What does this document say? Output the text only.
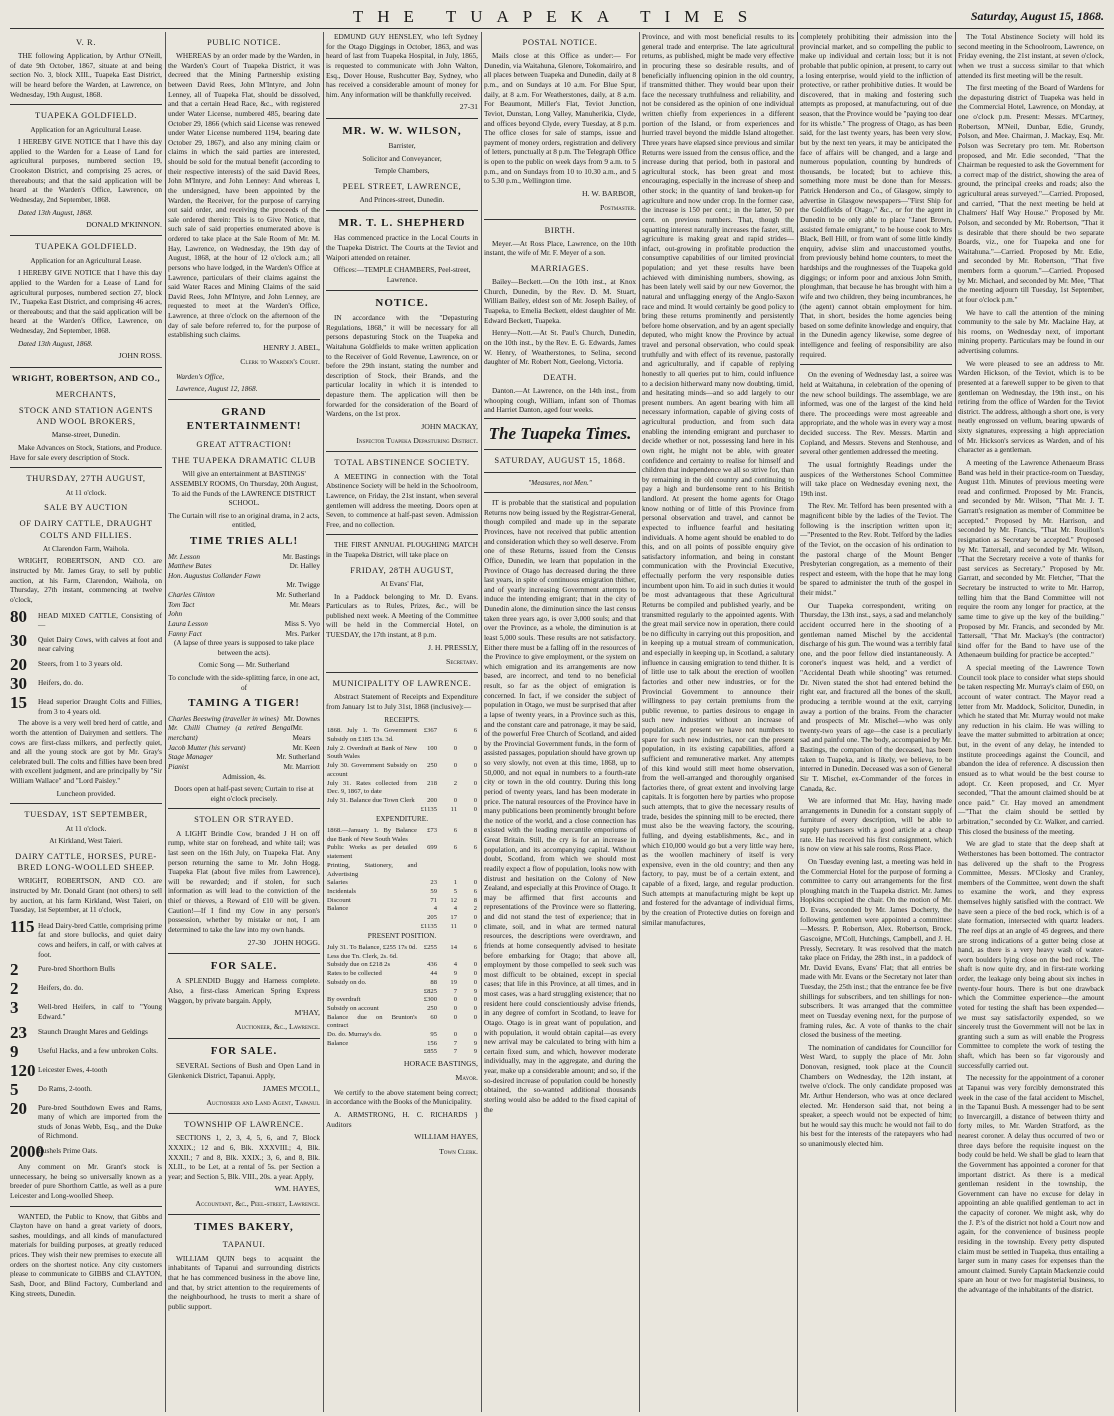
THE TUAPEKA TIMES	Saturday, August 15, 1868.
V. R.

THE following Application, by Arthur O'Neill, of date 9th October, 1867, situate at and being section No. 3, block XIII., Tuapeka East District, will be heard before the Warden, at Lawrence, on Wednesday, 19th August, 1868.

TUAPEKA GOLDFIELD.

Application for an Agricultural Lease.

I HEREBY GIVE NOTICE that I have this day applied to the Warden for a Lease of Land for agricultural purposes, numbered section 19, Crookston District, and comprising 25 acres, or thereabouts; and that the said application will be heard at the Warden's Office, Lawrence, on Wednesday, 2nd September, 1868.

Dated 13th August, 1868.

DONALD M'KINNON.
TUAPEKA GOLDFIELD.

Application for an Agricultural Lease.

I HEREBY GIVE NOTICE that I have this day applied to the Warden for a Lease of Land for agricultural purposes, numbered section 27, block IV., Tuapeka East District, and comprising 46 acres, or thereabouts; and that the said application will be heard at the Warden's Office, Lawrence, on Wednesday, 2nd September, 1868.

Dated 13th August, 1868.

JOHN ROSS.
WRIGHT, ROBERTSON, AND CO.,
MERCHANTS,
STOCK AND STATION AGENTS AND WOOL BROKERS,

Manse-street, Dunedin.

Make Advances on Stock, Stations, and Produce. Have for sale every description of Stock.

THURSDAY, 27TH AUGUST,

At 11 o'clock.

SALE BY AUCTION
OF DAIRY CATTLE, DRAUGHT COLTS AND FILLIES.

At Clarendon Farm, Waihola.

WRIGHT, ROBERTSON, AND CO. are instructed by Mr. James Gray, to sell by public auction, at his Farm, Clarendon, Waihola, on Thursday, 27th instant, commencing at twelve o'clock,

80	HEAD MIXED CATTLE, Consisting of—
30	Quiet Dairy Cows, with calves at foot and near calving
20	Steers, from 1 to 3 years old.
30	Heifers, do. do.
15	Head superior Draught Colts and Fillies, from 3 to 4 years old.

The above is a very well bred herd of cattle, and worth the attention of Dairymen and settlers. The cows are first-class milkers, and perfectly quiet, and all the young stock are got by Mr. Gray's celebrated bull. The colts and fillies have been bred with excellent judgment, and are principally by "Sir William Wallace" and "Lord Paisley."

Luncheon provided.

TUESDAY, 1ST SEPTEMBER,

At 11 o'clock.

At Kirkland, West Taieri.

DAIRY CATTLE, HORSES, PURE-BRED LONG-WOOLLED SHEEP.

WRIGHT, ROBERTSON, AND CO. are instructed by Mr. Donald Grant (not others) to sell by auction, at his farm Kirkland, West Taieri, on Tuesday, 1st September, at 11 o'clock,

115 Head Dairy-bred Cattle, comprising prime fat and store bullocks, and quiet dairy cows and heifers, in calf, or with calves at foot.
2	Pure-bred Shorthorn Bulls
2	Heifers, do. do.
3	Well-bred Heifers, in calf to "Young Edward."
23	Staunch Draught Mares and Geldings
9	Useful Hacks, and a few unbroken Colts.
120 Leicester Ewes, 4-tooth
5	Do Rams, 2-tooth.
20	Pure-bred Southdown Ewes and Rams, many of which are imported from the studs of Jonas Webb, Esq., and the Duke of Richmond.
2000
Bushels Prime Oats.

Any comment on Mr. Grant's stock is unnecessary, he being so universally known as a breeder of pure Shorthorn Cattle, as well as a pure Leicester and Long-woolled Sheep.

WANTED, the Public to Know, that Gibbs and Clayton have on hand a great variety of doors, sashes, mouldings, and all kinds of manufactured materials for building purposes, at greatly reduced prices. They wish their new premises to execute all orders on the shortest notice. Any city customers please to communicate to GIBBS and CLAYTON, Sash, Door, and Blind Factory, Cumberland and King streets, Dunedin.

PUBLIC NOTICE.

WHEREAS by an order made by the Warden, in the Warden's Court of Tuapeka District, it was decreed that the Mining Partnership existing between David Rees, John M'Intyre, and John Lenney, all of Tuapeka Flat, should be dissolved, and that a certain Head Race, &c., with registered under Water License, numbered 485, bearing date October 29, 1866 (which said License was renewed under Water License numbered 1194, bearing date October 29, 1867), and also any mining claim or claims in which the said parties are interested, should be sold for the mutual benefit (according to their respective interests) of the said David Rees, John M'Intyre, and John Lenney: And whereas I, the undersigned, have been appointed by the Warden, the Receiver, for the purpose of carrying out said order, and receiving the proceeds of the sale ordered therein: This is to Give Notice, that such sale of said properties enumerated above is ordered to take place at the Sale Room of Mr. M. Hay, Lawrence, on Wednesday, the 19th day of August, 1868, at the hour of 12 o'clock a.m.; all persons who have lodged, in the Warden's Office at Lawrence, particulars of their claims against the said Water Races and Mining Claims of the said David Rees, John M'Intyre, and John Lenney, are requested to meet at the Warden's Office, Lawrence, at three o'clock on the afternoon of the day of sale before referred to, for the purpose of establishing such claims.

HENRY J. ABEL,
Clerk to Warden's Court.

Warden's Office,

Lawrence, August 12, 1868.

GRAND ENTERTAINMENT!
GREAT ATTRACTION!
THE TUAPEKA DRAMATIC CLUB

Will give an entertainment at BASTINGS' ASSEMBLY ROOMS, On Thursday, 20th August, To aid the Funds of the LAWRENCE DISTRICT SCHOOL.

The Curtain will rise to an original drama, in 2 acts, entitled,

TIME TRIES ALL!
Mr. Lesson	Mr. Bastings
Matthew Bates	Dr. Halley
Hon. Augustus Collander Fawn
Mr. Twigge
Charles Clinton	Mr. Sutherland
Tom Tact	Mr. Mears
John
Laura Lesson	Miss S. Vyo
Fanny Fact	Mrs. Parker

(A lapse of three years is supposed to take place between the acts).

Comic Song — Mr. Sutherland

To conclude with the side-splitting farce, in one act, of

TAMING A TIGER!
Charles Beeswing (traveller in wines) Mr. Downes
Mr. Chilli Chutney (a retired Bengal merchant)
Mr. Mears
Jacob Mutter (his servant)	Mr. Keen
Stage Manager	Mr. Sutherland
Pianist	Mr. Marriott

Admission, 4s.

Doors open at half-past seven; Curtain to rise at eight o'clock precisely.

STOLEN OR STRAYED.

A LIGHT Brindle Cow, branded J H on off rump, white star on forehead, and white tail; was last seen on the 16th July, on Tuapeka Flat. Any person returning the same to Mr. John Hogg, Tuapeka Flat (about five miles from Lawrence), will be rewarded; and if stolen, for such information as will lead to the conviction of the thief or thieves, a Reward of £10 will be given. Caution!—If I find my Cow in any person's possession, whether by mistake or not, I am determined to take the law into my own hands.

27-30 JOHN HOGG.
FOR SALE.

A SPLENDID Buggy and Harness complete. Also, a first-class American Spring Express Waggon, by private bargain. Apply,

M'HAY,
Auctioneer, &c., Lawrence.
FOR SALE.

SEVERAL Sections of Bush and Open Land in Glenkenick District, Tapanui. Apply,

JAMES M'COLL,
Auctioneer and Land Agent, Tapanui.
TOWNSHIP OF LAWRENCE.

SECTIONS 1, 2, 3, 4, 5, 6, and 7, Block XXXIX.; 12 and 6, Blk. XXXVIII.; 4, Blk. XXXII.; 7 and 8, Blk. XXIX.; 3, 6, and 8, Blk. XLII., to be Let, at a rental of 5s. per Section a year; and Section 5, Blk. VIII., 20s. a year. Apply,

WM. HAYES,
Accountant, &c., Peel-street, Lawrence.
TIMES BAKERY,
TAPANUI.

WILLIAM QUIN begs to acquaint the inhabitants of Tapanui and surrounding districts that he has commenced business in the above line, and that, by strict attention to the requirements of the neighbourhood, he trusts to merit a share of public support.

EDMUND GUY HENSLEY, who left Sydney for the Otago Diggings in October, 1863, and was heard of last from Tuapeka Hospital, in July, 1865, is requested to communicate with John Walton, Esq., Dover House, Rushcutter Bay, Sydney, who has received a considerable amount of money for him. Any information will be thankfully received.

27-31
MR. W. W. WILSON,

Barrister,

Solicitor and Conveyancer,

Temple Chambers,

PEEL STREET, LAWRENCE,

And Princes-street, Dunedin.

MR. T. L. SHEPHERD

Has commenced practice in the Local Courts in the Tuapeka District. The Courts at the Teviot and Waipori attended on retainer.

Offices:—TEMPLE CHAMBERS, Peel-street, Lawrence.

NOTICE.

IN accordance with the "Depasturing Regulations, 1868," it will be necessary for all persons depasturing Stock on the Tuapeka and Waitahuna Goldfields to make written application to the Receiver of Gold Revenue, Lawrence, on or before the 29th instant, stating the number and description of Stock, their Brands, and the particular locality in which it is intended to depasture them. The application will then be forwarded for the consideration of the Board of Wardens, on the 1st prox.

JOHN MACKAY,
Inspector Tuapeka Depasturing District.
TOTAL ABSTINENCE SOCIETY.

A MEETING in connection with the Total Abstinence Society will be held in the Schoolroom, Lawrence, on Friday, the 21st instant, when several gentlemen will address the meeting. Doors open at Seven, to commence at half-past seven. Admission Free, and no collection.

THE FIRST ANNUAL PLOUGHING MATCH in the Tuapeka District, will take place on

FRIDAY, 28TH AUGUST,

At Evans' Flat,

In a Paddock belonging to Mr. D. Evans. Particulars as to Rules, Prizes, &c., will be published next week. A Meeting of the Committee will be held in the Commercial Hotel, on TUESDAY, the 17th instant, at 8 p.m.

J. H. PRESSLY,
Secretary.
MUNICIPALITY OF LAWRENCE.

Abstract Statement of Receipts and Expenditure from January 1st to July 31st, 1868 (inclusive):—

RECEIPTS.

1868. July 1. To Government Subsidy on £185 13s. 3d.	£367	6	6
July 2. Overdraft at Bank of New South Wales	100	0	0
July 30. Government Subsidy on account	250	0	0
July 31. Rates collected from Dec. 9, 1867, to date	218	2	0
July 31. Balance due Town Clerk	200	0	0
	£1135	11	0

EXPENDITURE.

1868.—January 1. By Balance due Bank of New South Wales	£73	6	8
Public Works as per detailed statement	699	6	6
Printing, Stationery, and Advertising			
Salaries	23	1	0
Incidentals	59	5	6
Discount	71	12	8
Balance	4	4	2
	205	17	0
	£1135	11	0

PRESENT POSITION.

July 31. To Balance, £255 17s 0d. Less due Tn. Clerk, 2s. 6d.	£255	14	6
Subsidy due on £218 2s	436	4	0
Rates to be collected	44	9	0
Subsidy on do.	88	19	0
	£825	7	9
By overdraft	£300	0	0
Subsidy on account	250	0	0
Balance due on Brunton's contract	60	0	0
Do. do. Murray's do.	95	0	0
Balance	156	7	9
	£855	7	9
HORACE BASTINGS,
Mayor.

We certify to the above statement being correct; in accordance with the Books of the Municipality.

A. ARMSTRONG, H. C. RICHARDS } Auditors

WILLIAM HAYES,
Town Clerk.
POSTAL NOTICE.

Mails close at this Office as under:— For Dunedin, via Waitahuna, Glenore, Tokomairiro, and all places between Tuapeka and Dunedin, daily at 8 p.m., and on Sundays at 10 a.m. For Blue Spur, daily, at 8 a.m. For Weatherstones, daily, at 8 a.m. For Beaumont, Miller's Flat, Teviot Junction, Teviot, Dunstan, Long Valley, Manuherikia, Clyde, and offices beyond Clyde, every Tuesday, at 8 p.m. The office closes for sale of stamps, issue and payment of money orders, registration and delivery of letters, punctually at 8 p.m. The Telegraph Office is open to the public on week days from 9 a.m. to 5 p.m., and on Sundays from 10 to 10.30 a.m., and 5 to 5.30 p.m., Wellington time.

H. W. BARBOR,
Postmaster.
BIRTH.

Meyer.—At Ross Place, Lawrence, on the 10th instant, the wife of Mr. F. Meyer of a son.

MARRIAGES.

Bailey—Beckett.—On the 10th inst., at Knox Church, Dunedin, by the Rev. D. M. Stuart, William Bailey, eldest son of Mr. Joseph Bailey, of Tuapeka, to Emelia Beckett, eldest daughter of Mr. Edward Beckett, Tuapeka.

Henry—Nott.—At St. Paul's Church, Dunedin, on the 10th inst., by the Rev. E. G. Edwards, James W. Henry, of Weatherstones, to Selina, second daughter of Mr. Robert Nott, Geelong, Victoria.

DEATH.

Danton.—At Lawrence, on the 14th inst., from whooping cough, William, infant son of Thomas and Harriet Danton, aged four weeks.

The Tuapeka Times.
SATURDAY, AUGUST 15, 1868.

"Measures, not Men."

IT is probable that the statistical and population Returns now being issued by the Registrar-General, though compiled and made up in the separate Provinces, have not received that public attention and consideration which they so well deserve. From one of these Returns, issued from the Census Office, Dunedin, we learn that population in the Province of Otago has decreased during the three last years, in spite of continuous emigration thither, and of yearly increasing Government attempts to induce the intending emigrant; that in the city of Dunedin alone, the diminution since the last census taken three years ago, is over 3,000 souls; and that over the Province, as a whole, the diminution is at least 5,000 souls. These results are not satisfactory. Either there must be a falling off in the resources of the Province to give employment, or the system on which emigration and its arrangements are now based, are incorrect, and tend to no beneficial result, so far as the object of emigration is concerned. In fact, if we consider the subject of population in Otago, we must be surprised that after a lapse of twenty years, in a Province such as this, and the constant care and patronage, it may be said, of the powerful Free Church of Scotland, and aided by the Provincial Government funds, in the form of assisted passages, population should have grown up so very slowly, not even at this time, 1868, up to 50,000, and not equal in numbers to a fourth-rate city or town in the old country. During this long period of twenty years, land has been moderate in price. The natural resources of the Province have in many publications been prominently brought before the notice of the world, and a close connection has existed with the leading mercantile emporiums of Great Britain. Still, the cry is for an increase in population, and its accompanying capital. Without doubt, Scotland, from which we should most readily expect a flow of population, looks now with distrust and hesitation on the Colony of New Zealand, and especially at this Province of Otago. It may be affirmed that first accounts and representations of the Province were so flattering, and did not stand the test of experience; that in climate, soil, and in what are termed natural resources, the descriptions were overdrawn, and friends at home consequently advised to hesitate before embarking for Otago; that above all, employment by those compelled to seek such was most difficult to be obtained, except in special cases; that life in this Province, at all times, and in most cases, was a hard struggling existence; that no resident here could conscientiously advise friends, in any degree of comfort in Scotland, to leave for Otago. Otago is in great want of population, and with population, it would obtain capital—as every new arrival may be calculated to bring with him a certain fixed sum, and which, however moderate individually, may in the aggregate, and during the year, make up a considerable amount; and so, if the so-desired increase of population could be honestly obtained, the so-wanted additional thousands sterling would also be added to the fixed capital of the

Province, and with most beneficial results to its general trade and enterprise. The late agricultural returns, as published, might be made very effective in procuring these so desirable results, and of beneficially influencing opinion in the old country, if transmitted thither. They would bear upon their face the necessary truthfulness and reliability, and not be considered as the opinion of one individual written chiefly from experiences in a different portion of the Island, or from experiences and hurried travel beyond the middle Island altogether. Three years have elapsed since previous and similar Returns were issued from the census office, and the increase during that period, both in pastoral and agricultural stock, has been great and most encouraging, especially in the increase of sheep and other stock; in the quantity of land broken-up for agriculture and now under crop. In the former case, the increase is 150 per cent.; in the latter, 50 per cent. on previous numbers. That, though the squatting interest naturally increases the faster, still, agriculture is making great and rapid strides—infact, out-growing in profitable production the consumptive capabilities of our limited provincial population; and yet these results have been achieved with diminishing numbers, showing, as has been lately well said by our new Governor, the natural and unflagging energy of the Anglo-Saxon race and mind. It would certainly be good policy to bring these returns prominently and persistently before home observation, and by an agent specially deputed, who might know the Province by actual travel and personal observation, who could speak truthfully and with effect of its revenue, pastorally and agriculturally, and if capable of replying honestly to all queries put to him, could influence to a decision hitherward many now doubting, timid, and hesitating minds—and so add largely to our present numbers. An agent bearing with him all necessary information, capable of giving costs of agricultural production, and from such data enabling the intending emigrant and purchaser to decide whether or not, possessing land here in his own right, he might not be able, with greater confidence and certainty to realise for himself and children that independence we all so strive for, than by remaining in the old country and continuing to pay a high and burdensome rent to his British landlord. At present the home agents for Otago know nothing or of little of this Province from personal observation and travel, and cannot be expected to influence fearful and hesitating individuals. A home agent should be enabled to do this, and on all points of possible enquiry give satisfactory information, and being in constant communication with the Provincial Executive, effectually perform the very responsible duties incumbent upon him. To aid in such duties it would be most advantageous that these Agricultural Returns be compiled and published yearly, and be transmitted regularly to the appointed agents. With the great mail service now in operation, there could be no difficulty in carrying out this proposition, and in keeping up a mutual stream of communication, and especially in keeping up, in Scotland, a salutary influence in causing emigration to tend thither. It is of little use to talk about the erection of woollen factories and other new industries, or for the Provincial Government to announce their willingness to pay certain premiums from the public revenue, to parties desirous to engage in such new industries without an increase of population. At present we have not numbers to spare for such new industries, nor can the present population, in its existing capabilities, afford a sufficient and remunerative market. Any attempts of this kind would still meet home observation, from the well-arranged and thoroughly organised factories there, of great extent and involving large capitals. It is forgotten here by parties who propose such attempts, that to give the necessary results of trade, besides the spinning mill to be erected, there must also be the weaving factory, the scouring, fulling, and dyeing establishments, &c., and in which £10,000 would go but a very little way here, as the woollen machinery of itself is very expensive, even in the old country; and then any factory, to pay, must be of a certain extent, and capable of a fixed, large, and regular production. Such attempts at manufacturing might be kept up and fostered for the advantage of individual firms, by the creation of Protective duties on foreign and similar manufactures,

completely prohibiting their admission into the provincial market, and so compelling the public to make up individual and certain loss; but it is not probable that public opinion, at present, to carry out a losing enterprise, would yield to the infliction of protective, or rather prohibitive duties. It would be discovered, that in making and fostering such attempts as proposed, at manufacturing, out of due season, that the Province would be "paying too dear for its whistle." The progress of Otago, as has been said, for the last twenty years, has been very slow, but by the next ten years, it may be anticipated the face of affairs will be changed, and a large and numerous population, counting by hundreds of thousands, be located; but to achieve this, something more must be done than for Messrs. Patrick Henderson and Co., of Glasgow, simply to advertise in Glasgow newspapers—"First Ship for the Goldfields of Otago," &c., or for the agent in Dunedin to be only able to place "Janet Brown, assisted female emigrant," to be house cook to Mrs Black, Bell Hill, or from want of some little kindly enquiry, advise slim and unaccustomed youths, from previously behind home counters, to meet the hardships and the roughnesses of the Tuapeka gold diggings; or inform poor and anxious John Smith, ploughman, that because he has brought with him a wife and two children, they being incumbrances, he (the agent) cannot obtain employment for him. That, in short, besides the home agencies being based on some definite knowledge and enquiry, that in the Dunedin agency likewise, some degree of intelligence and feeling of responsibility are also required.

On the evening of Wednesday last, a soiree was held at Waitahuna, in celebration of the opening of the new school buildings. The assemblage, we are informed, was one of the largest of the kind held there. The proceedings were most agreeable and appropriate, and the whole was in every way a most decided success. The Rev. Messrs. Martin and Copland, and Messrs. Stevens and Stenhouse, and several other gentlemen addressed the meeting.

The usual fortnightly Readings under the auspices of the Wetherstones School Committee will take place on Wednesday evening next, the 19th inst.

The Rev. Mr. Telford has been presented with a magnificent bible by the ladies of the Teviot. The following is the inscription written upon it;—"Presented to the Rev. Robt. Telford by the ladies of the Teviot, on the occasion of his ordination to the pastoral charge of the Mount Benger Presbyterian congregation, as a memento of their respect and esteem, with the hope that he may long be spared to administer the truth of the gospel in their midst."

Our Tuapeka correspondent, writing on Thursday, the 13th inst., says, a sad and melancholy accident occurred here in the shooting of a gentleman named Mischel by the accidental discharge of his gun. The wound was a terribly fatal one, and the poor fellow died instantaneously. A coroner's inquest was held, and a verdict of "Accidental Death while shooting" was returned. Dr. Niven stated the shot had entered behind the right ear, and fractured all the bones of the skull, producing a terrible wound at the exit, carrying away a portion of the brains. From the character and prospects of Mr. Mischel—who was only twenty-two years of age—the case is a peculiarly sad and painful one. The body, accompanied by Mr. Bastings, the companion of the deceased, has been taken to Tuapeka, and is likely, we believe, to be interred in Dunedin. Deceased was a son of General Sir T. Mischel, ex-Commander of the forces in Canada, &c.

We are informed that Mr. Hay, having made arrangements in Dunedin for a constant supply of furniture of every description, will be able to supply purchasers with a good article at a cheap rate. He has received his first consignment, which is now on view at his sale rooms, Ross Place.

On Tuesday evening last, a meeting was held in the Commercial Hotel for the purpose of forming a committee to carry out arrangements for the first ploughing match in the Tuapeka district. Mr. James Hopkins occupied the chair. On the motion of Mr. D. Evans, seconded by Mr. James Docherty, the following gentlemen were appointed a committee:—Messrs. P. Robertson, Alex. Robertson, Brock, Gascoigne, M'Coll, Hutchings, Campbell, and J. H. Pressly, Secretary. It was resolved that the match take place on Friday, the 28th inst., in a paddock of Mr. David Evans, Evans' Flat; that all entries be made with Mr. Evans or the Secretary not later than Tuesday, the 25th inst.; that the entrance fee be five shillings for subscribers, and ten shillings for non-subscribers. It was arranged that the committee meet on Tuesday evening next, for the purpose of framing rules, &c. A vote of thanks to the chair closed the business of the meeting.

The nomination of candidates for Councillor for West Ward, to supply the place of Mr. John Donovan, resigned, took place at the Council Chambers on Wednesday, the 12th instant, at twelve o'clock. The only candidate proposed was Mr. Arthur Henderson, who was at once declared elected. Mr. Henderson said that, not being a speaker, a speech would not be expected of him; but he would say this much: he would not fail to do his best for the interests of the ratepayers who had so unanimously elected him.

The Total Abstinence Society will hold its second meeting in the Schoolroom, Lawrence, on Friday evening, the 21st instant, at seven o'clock, when we trust a success similar to that which attended its first meeting will be the result.

The first meeting of the Board of Wardens for the depasturing district of Tuapeka was held in the Commercial Hotel, Lawrence, on Monday, at one o'clock p.m. Present: Messrs. M'Cartney, Robertson, M'Neil, Dunbar, Edie, Grundy, Polson, and Mee. Chairman, J. Mackay, Esq. Mr. Polson was Secretary pro tem. Mr. Robertson proposed, and Mr. Edie seconded, "That the Chairman be requested to ask the Government for a correct map of the district, showing the area of ground, the principal creeks and roads; also the agricultural areas surveyed."—Carried. Proposed, and carried, "That the next meeting be held at Chalmers' Half Way House." Proposed by Mr. Polson, and seconded by Mr. Robertson, "That it is desirable that there should be two separate Boards, viz., one for Tuapeka and one for Waitahuna."—Carried. Proposed by Mr. Edie, and seconded by Mr. Robertson, "That five members form a quorum."—Carried. Proposed by Mr. Michael, and seconded by Mr. Mee, "That the meeting adjourn till Tuesday, 1st September, at four o'clock p.m."

We have to call the attention of the mining community to the sale by Mr. Maclaine Hay, at his rooms, on Wednesday next, of important mining property. Particulars may be found in our advertising columns.

We were pleased to see an address to Mr. Warden Hickson, of the Teviot, which is to be presented at a farewell supper to be given to that gentleman on Wednesday, the 19th inst., on his retiring from the office of Warden for the Teviot district. The address, although a short one, is very neatly engrossed on vellum, bearing upwards of sixty signatures, expressing a high appreciation of Mr. Hickson's services as Warden, and of his character as a gentleman.

A meeting of the Lawrence Athenaeum Brass Band was held in their practice-room on Tuesday, August 11th. Minutes of previous meeting were read and confirmed. Proposed by Mr. Francis, and seconded by Mr. Wilson, "That Mr. J. T. Garratt's resignation as member of Committee be accepted." Proposed by Mr. Harrison, and seconded by Mr. Francis, "That Mr. Rouillon's resignation as Secretary be accepted." Proposed by Mr. Tattersall, and seconded by Mr. Wilson, "That the Secretary receive a vote of thanks for past services as Secretary." Proposed by Mr. Garratt, and seconded by Mr. Fletcher, "That the Secretary be instructed to write to Mr. Harrop, telling him that the Band Committee will not require the room any longer for practice, at the same time to give up the key of the building." Proposed by Mr. Francis, and seconded by Mr. Tattersall, "That Mr. Mackay's (the contractor) kind offer for the Band to have use of the Athenaeum building for practice be accepted."

A special meeting of the Lawrence Town Council took place to consider what steps should be taken respecting Mr. Murray's claim of £60, on account of water contract. The Mayor read a letter from Mr. Maddock, Solicitor, Dunedin, in which he stated that Mr. Murray would not make any reduction in his claim. He was willing to leave the matter submitted to arbitration at once; but, in the event of any delay, he intended to institute proceedings against the Council, and abandon the idea of reference. A discussion then ensued as to what would be the best course to adopt. Cr. Keen proposed, and Cr. Myer seconded, "That the amount claimed should be at once paid." Cr. Hay moved an amendment—"That the claim should be settled by arbitration," seconded by Cr. Walker, and carried. This closed the business of the meeting.

We are glad to state that the deep shaft at Wetherstones has been bottomed. The contractor has delivered up the shaft to the Progress Committee, Messrs. M'Closky and Cranley, members of the Committee, went down the shaft to examine the work, and they express themselves highly satisfied with the contract. We have seen a piece of the bed rock, which is of a slate formation, intersected with quartz leaders. The reef dips at an angle of 45 degrees, and there are strong indications of a gutter being close at hand, as there is a very heavy wash of water-worn boulders lying close on the bed rock. The shaft is now quite dry, and in first-rate working order, the leakage only being about six inches in twenty-four hours. There is but one drawback which the Committee experience—the amount voted for testing the shaft has been expended—we must say satisfactorily expended, so we sincerely trust the Government will not be lax in granting such a sum as will enable the Progress Committee to complete the work of testing the shaft, which has been so far vigorously and successfully carried out.

The necessity for the appointment of a coroner at Tapanui was very forcibly demonstrated this week in the case of the fatal accident to Mischel, in the Tapanui Bush. A messenger had to be sent to Invercargill, a distance of between thirty and forty miles, to Mr. Warden Stratford, as the nearest coroner. A delay thus occurred of two or three days before the requisite inquest on the body could be held. We shall be glad to learn that the Government has appointed a coroner for that important district. As there is a medical gentleman resident in the township, the Government can have no excuse for delay in appointing an able qualified gentleman to act in the capacity of coroner. We might ask, why do the J. P.'s of the district not hold a Court now and again, for the convenience of business people residing in the township. Every petty disputed claim must be settled in Tuapeka, thus entailing a larger sum in many cases for expenses than the amount claimed. Surely Captain Mackenzie could spare an hour or two for magisterial business, to the advantage of the inhabitants of the district.
